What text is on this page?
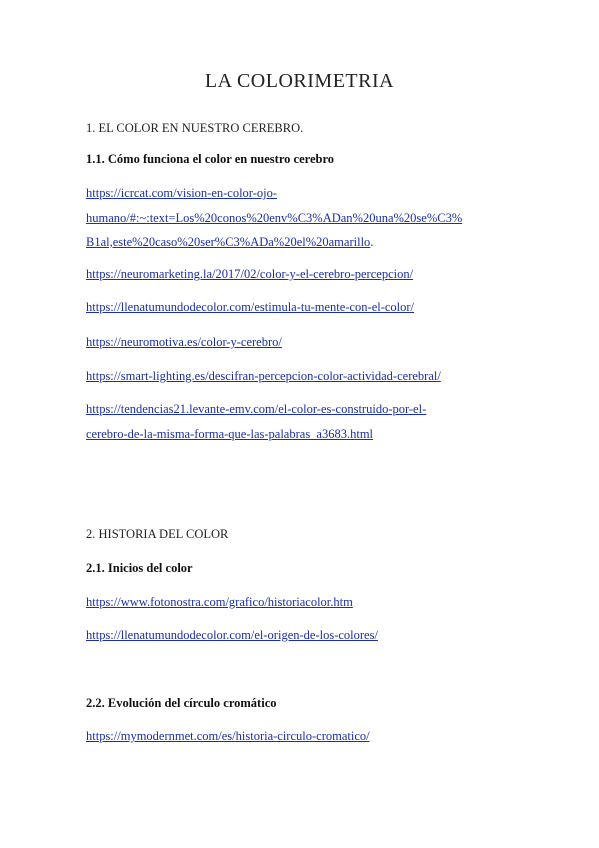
LA COLORIMETRIA
1. EL COLOR EN NUESTRO CEREBRO.
1.1. Cómo funciona el color en nuestro cerebro
https://icrcat.com/vision-en-color-ojo-
humano/#:~:text=Los%20conos%20env%C3%ADan%20una%20se%C3%
B1al,este%20caso%20ser%C3%ADa%20el%20amarillo.
https://neuromarketing.la/2017/02/color-y-el-cerebro-percepcion/
https://llenatumundodecolor.com/estimula-tu-mente-con-el-color/
https://neuromotiva.es/color-y-cerebro/
https://smart-lighting.es/descifran-percepcion-color-actividad-cerebral/
https://tendencias21.levante-emv.com/el-color-es-construido-por-el-
cerebro-de-la-misma-forma-que-las-palabras_a3683.html
2. HISTORIA DEL COLOR
2.1. Inicios del color
https://www.fotonostra.com/grafico/historiacolor.htm
https://llenatumundodecolor.com/el-origen-de-los-colores/
2.2. Evolución del círculo cromático
https://mymodernmet.com/es/historia-circulo-cromatico/
